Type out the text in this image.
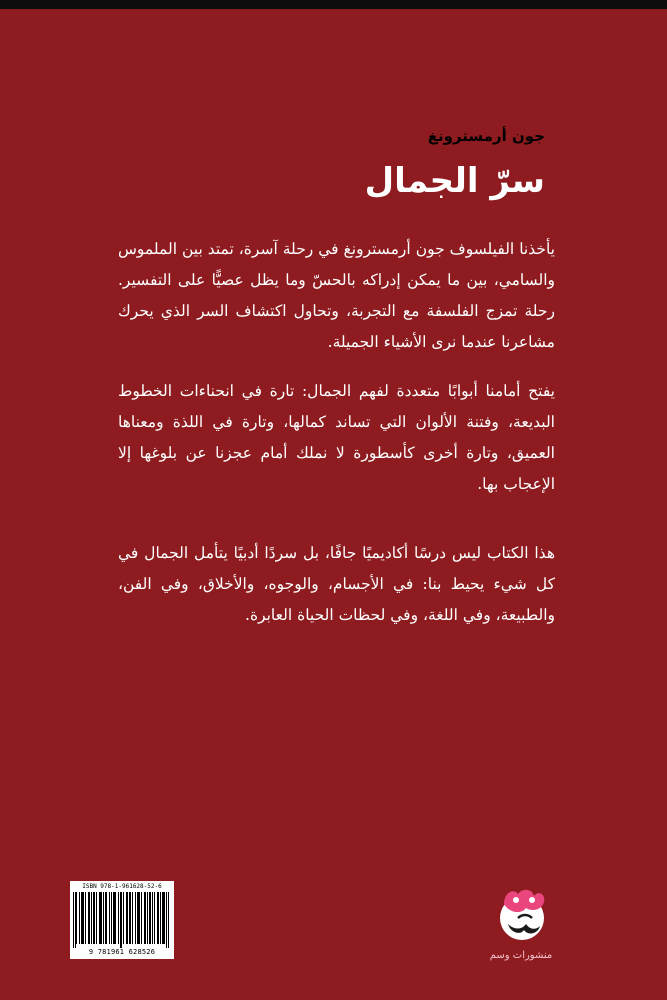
جون أرمسترونغ
سرّ الجمال

يأخذنا الفيلسوف جون أرمسترونغ في رحلة آسرة، تمتد بين الملموس والسامي، بين ما يمكن إدراكه بالحسّ وما يظل عصيًّا على التفسير. رحلة تمزج الفلسفة مع التجربة، وتحاول اكتشاف السر الذي يحرك مشاعرنا عندما نرى الأشياء الجميلة.

يفتح أمامنا أبوابًا متعددة لفهم الجمال: تارة في انحناءات الخطوط البديعة، وفتنة الألوان التي تساند كمالها، وتارة في اللذة ومعناها العميق، وتارة أخرى كأسطورة لا نملك أمام عجزنا عن بلوغها إلا الإعجاب بها.

هذا الكتاب ليس درسًا أكاديميًا جافًا، بل سردًا أدبيًا يتأمل الجمال في كل شيء يحيط بنا: في الأجسام، والوجوه، والأخلاق، وفي الفن، والطبيعة، وفي اللغة، وفي لحظات الحياة العابرة.

ISBN 978-1-961628-52-6
9 781961 628526	منشورات وسم
